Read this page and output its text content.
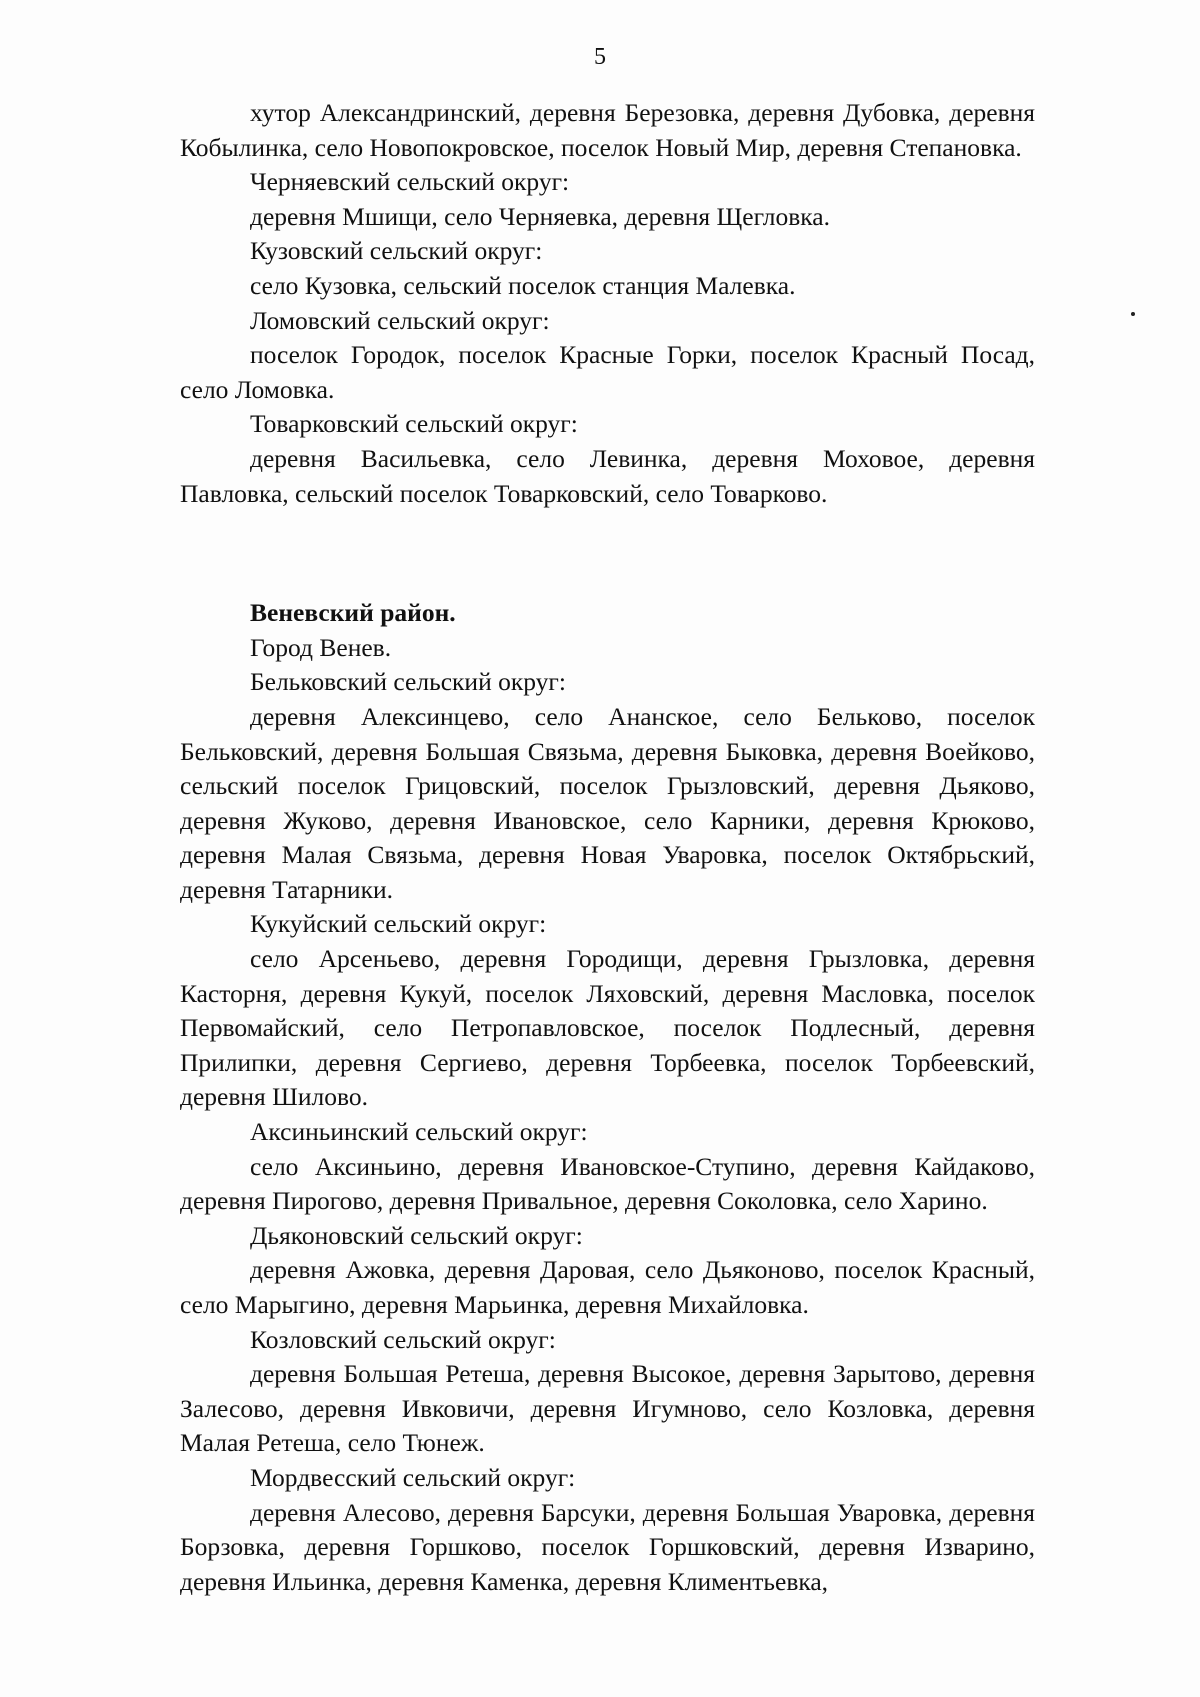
5

хутор Александринский, деревня Березовка, деревня Дубовка, деревня Кобылинка, село Новопокровское, поселок Новый Мир, деревня Степановка.

Черняевский сельский округ:

деревня Мшищи, село Черняевка, деревня Щегловка.

Кузовский сельский округ:

село Кузовка, сельский поселок станция Малевка.

Ломовский сельский округ:

поселок Городок, поселок Красные Горки, поселок Красный Посад, село Ломовка.

Товарковский сельский округ:

деревня Васильевка, село Левинка, деревня Моховое, деревня Павловка, сельский поселок Товарковский, село Товарково.

Веневский район.

Город Венев.

Бельковский сельский округ:

деревня Алексинцево, село Ананское, село Бельково, поселок Бельковский, деревня Большая Связьма, деревня Быковка, деревня Воейково, сельский поселок Грицовский, поселок Грызловский, деревня Дьяково, деревня Жуково, деревня Ивановское, село Карники, деревня Крюково, деревня Малая Связьма, деревня Новая Уваровка, поселок Октябрьский, деревня Татарники.

Кукуйский сельский округ:

село Арсеньево, деревня Городищи, деревня Грызловка, деревня Касторня, деревня Кукуй, поселок Ляховский, деревня Масловка, поселок Первомайский, село Петропавловское, поселок Подлесный, деревня Прилипки, деревня Сергиево, деревня Торбеевка, поселок Торбеевский, деревня Шилово.

Аксиньинский сельский округ:

село Аксиньино, деревня Ивановское-Ступино, деревня Кайдаково, деревня Пирогово, деревня Привальное, деревня Соколовка, село Харино.

Дьяконовский сельский округ:

деревня Ажовка, деревня Даровая, село Дьяконово, поселок Красный, село Марыгино, деревня Марьинка, деревня Михайловка.

Козловский сельский округ:

деревня Большая Ретеша, деревня Высокое, деревня Зарытово, деревня Залесово, деревня Ивковичи, деревня Игумново, село Козловка, деревня Малая Ретеша, село Тюнеж.

Мордвесский сельский округ:

деревня Алесово, деревня Барсуки, деревня Большая Уваровка, деревня Борзовка, деревня Горшково, поселок Горшковский, деревня Изварино, деревня Ильинка, деревня Каменка, деревня Климентьевка,
